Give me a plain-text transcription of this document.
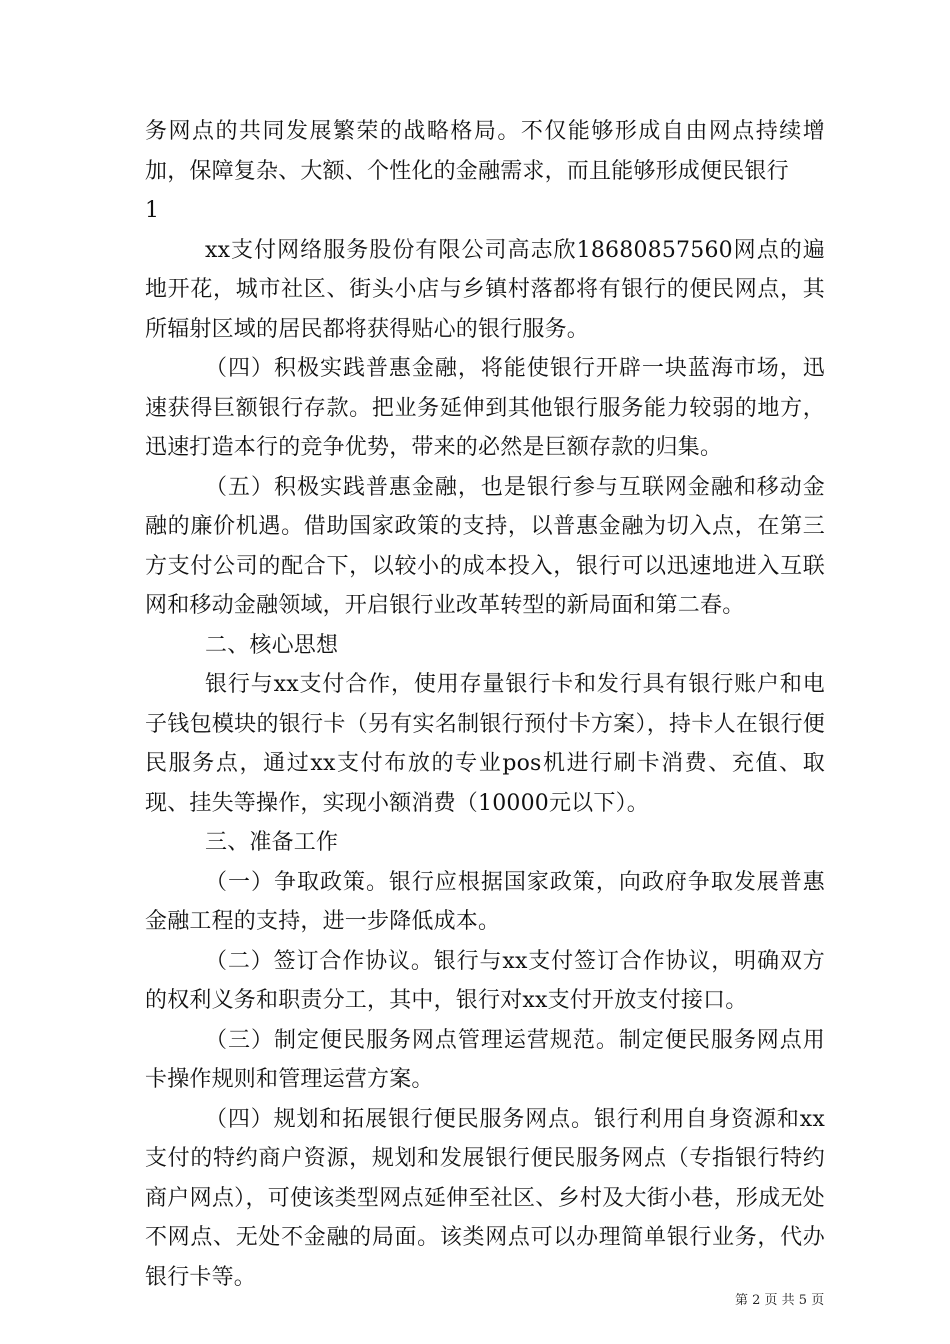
务网点的共同发展繁荣的战略格局。不仅能够形成自由网点持续增加，保障复杂、大额、个性化的金融需求，而且能够形成便民银行

1

xx支付网络服务股份有限公司高志欣18680857560网点的遍地开花，城市社区、街头小店与乡镇村落都将有银行的便民网点，其所辐射区域的居民都将获得贴心的银行服务。

（四）积极实践普惠金融，将能使银行开辟一块蓝海市场，迅速获得巨额银行存款。把业务延伸到其他银行服务能力较弱的地方，迅速打造本行的竞争优势，带来的必然是巨额存款的归集。

（五）积极实践普惠金融，也是银行参与互联网金融和移动金融的廉价机遇。借助国家政策的支持，以普惠金融为切入点，在第三方支付公司的配合下，以较小的成本投入，银行可以迅速地进入互联网和移动金融领域，开启银行业改革转型的新局面和第二春。

二、核心思想

银行与xx支付合作，使用存量银行卡和发行具有银行账户和电子钱包模块的银行卡（另有实名制银行预付卡方案），持卡人在银行便民服务点，通过xx支付布放的专业pos机进行刷卡消费、充值、取现、挂失等操作，实现小额消费（10000元以下）。

三、准备工作

（一）争取政策。银行应根据国家政策，向政府争取发展普惠金融工程的支持，进一步降低成本。

（二）签订合作协议。银行与xx支付签订合作协议，明确双方的权利义务和职责分工，其中，银行对xx支付开放支付接口。

（三）制定便民服务网点管理运营规范。制定便民服务网点用卡操作规则和管理运营方案。

（四）规划和拓展银行便民服务网点。银行利用自身资源和xx支付的特约商户资源，规划和发展银行便民服务网点（专指银行特约商户网点），可使该类型网点延伸至社区、乡村及大街小巷，形成无处不网点、无处不金融的局面。该类网点可以办理简单银行业务，代办银行卡等。

第 2 页 共 5 页
